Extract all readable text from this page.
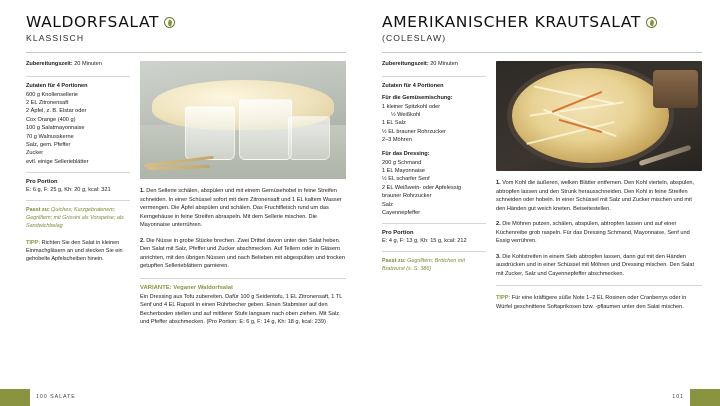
WALDORFSALAT
KLASSISCH
Zubereitungszeit: 20 Minuten
Zutaten für 4 Portionen
600 g Knollensellerie
2 EL Zitronensaft
2 Äpfel, z. B. Elstar oder
Cox Orange (400 g)
100 g Salatmayonnaise
70 g Walnusskerne
Salz, gem. Pfeffer
Zucker
evtl. einige Sellerieblätter
Pro Portion
E: 6 g, F: 25 g, Kh: 20 g, kcal: 321
Passt zu: Quiches; Kurzgebratenem; Gegrilltem; mit Grissini als Vorspeise; als Sandwichbelag
TIPP: Richten Sie den Salat in kleinen Einmachgläsern an und stecken Sie ein gehobelte Apfelscheiben hinein.

1. Den Sellerie schälen, abspülen und mit einem Gemüsehobel in feine Streifen schneiden. In einer Schüssel sofort mit dem Zitronensaft und 1 EL kaltem Wasser vermengen. Die Äpfel abspülen und schälen. Das Fruchtfleisch rund um das Kerngehäuse in feine Streifen abraspeln. Mit dem Sellerie mischen. Die Mayonnaise unterrühren.

2. Die Nüsse in grobe Stücke brechen. Zwei Drittel davon unter den Salat heben. Den Salat mit Salz, Pfeffer und Zucker abschmecken. Auf Tellern oder in Gläsern anrichten, mit den übrigen Nüssen und nach Belieben mit abgespülten und trocken getupften Sellerieblättern garnieren.

VARIANTE: Veganer Waldorfsalat
Ein Dressing aus Tofu zubereiten. Dafür 100 g Seidentofu, 1 EL Zitronensaft, 1 TL Senf und 4 EL Rapsöl in einen Rührbecher geben. Einen Stabmixer auf den Becherboden stellen und auf mittlerer Stufe langsam nach oben ziehen. Mit Salz und Pfeffer abschmecken. (Pro Portion: E: 6 g, F: 14 g, Kh: 18 g, kcal: 239)
100 SALATE
AMERIKANISCHER KRAUTSALAT
(COLESLAW)
Zubereitungszeit: 20 Minuten
Zutaten für 4 Portionen
Für die Gemüsemischung:
1 kleiner Spitzkohl oder
½ Weißkohl
1 EL Salz
½ EL brauner Rohrzucker
2–3 Möhren
Für das Dressing:
200 g Schmand
1 EL Mayonnaise
½ EL scharfer Senf
2 EL Weißwein- oder Apfelessig
brauner Rohrzucker
Salz
Cayennepfeffer
Pro Portion
E: 4 g, F: 13 g, Kh: 15 g, kcal: 212
Passt zu: Gegrilltem; Brötchen mit Bratwurst (s. S. 386)

1. Vom Kohl die äußeren, welken Blätter entfernen. Den Kohl vierteln, abspülen, abtropfen lassen und den Strunk herausschneiden. Den Kohl in feine Streifen schneiden oder hobeln. In einer Schüssel mit Salz und Zucker mischen und mit den Händen gut weich kneten. Beiseitestellen.

2. Die Möhren putzen, schälen, abspülen, abtropfen lassen und auf einer Küchenreibe grob raspeln. Für das Dressing Schmand, Mayonnaise, Senf und Essig verrühren.

3. Die Kohlstreifen in einem Sieb abtropfen lassen, dann gut mit den Händen ausdrücken und in einer Schüssel mit Möhren und Dressing mischen. Den Salat mit Zucker, Salz und Cayennepfeffer abschmecken.

TIPP: Für eine kräftigere süße Note 1–2 EL Rosinen oder Cranberrys oder in Würfel geschnittene Softaprikosen bzw. -pflaumen unter den Salat mischen.
101
